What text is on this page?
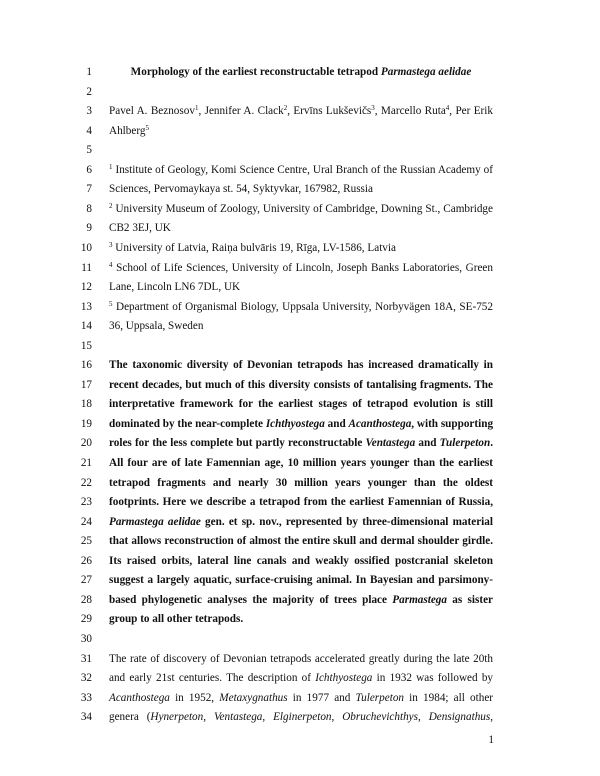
1	Morphology of the earliest reconstructable tetrapod Parmastega aelidae
2
3 Pavel A. Beznosov$^1$, Jennifer A. Clack$^2$, Ervīns Lukševičs$^3$, Marcello Ruta$^4$, Per Erik
4 Ahlberg$^5$
5
6 $^1$ Institute of Geology, Komi Science Centre, Ural Branch of the Russian Academy of
7 Sciences, Pervomaykaya st. 54, Syktyvkar, 167982, Russia
8 $^2$ University Museum of Zoology, University of Cambridge, Downing St., Cambridge
9 CB2 3EJ, UK
10 $^3$ University of Latvia, Raiņa bulvāris 19, Rīga, LV-1586, Latvia
11 $^4$ School of Life Sciences, University of Lincoln, Joseph Banks Laboratories, Green
12 Lane, Lincoln LN6 7DL, UK
13 $^5$ Department of Organismal Biology, Uppsala University, Norbyvägen 18A, SE-752
14 36, Uppsala, Sweden
15
16 The taxonomic diversity of Devonian tetrapods has increased dramatically in
17 recent decades, but much of this diversity consists of tantalising fragments. The
18 interpretative framework for the earliest stages of tetrapod evolution is still
19 dominated by the near-complete Ichthyostega and Acanthostega, with supporting
20 roles for the less complete but partly reconstructable Ventastega and Tulerpeton.
21 All four are of late Famennian age, 10 million years younger than the earliest
22 tetrapod fragments and nearly 30 million years younger than the oldest
23 footprints. Here we describe a tetrapod from the earliest Famennian of Russia,
24 Parmastega aelidae gen. et sp. nov., represented by three-dimensional material
25 that allows reconstruction of almost the entire skull and dermal shoulder girdle.
26 Its raised orbits, lateral line canals and weakly ossified postcranial skeleton
27 suggest a largely aquatic, surface-cruising animal. In Bayesian and parsimony-
28 based phylogenetic analyses the majority of trees place Parmastega as sister
29 group to all other tetrapods.
30
31 The rate of discovery of Devonian tetrapods accelerated greatly during the late 20th
32 and early 21st centuries. The description of Ichthyostega in 1932 was followed by
33 Acanthostega in 1952, Metaxygnathus in 1977 and Tulerpeton in 1984; all other
34 genera (Hynerpeton, Ventastega, Elginerpeton, Obruchevichthys, Densignathus,
1
